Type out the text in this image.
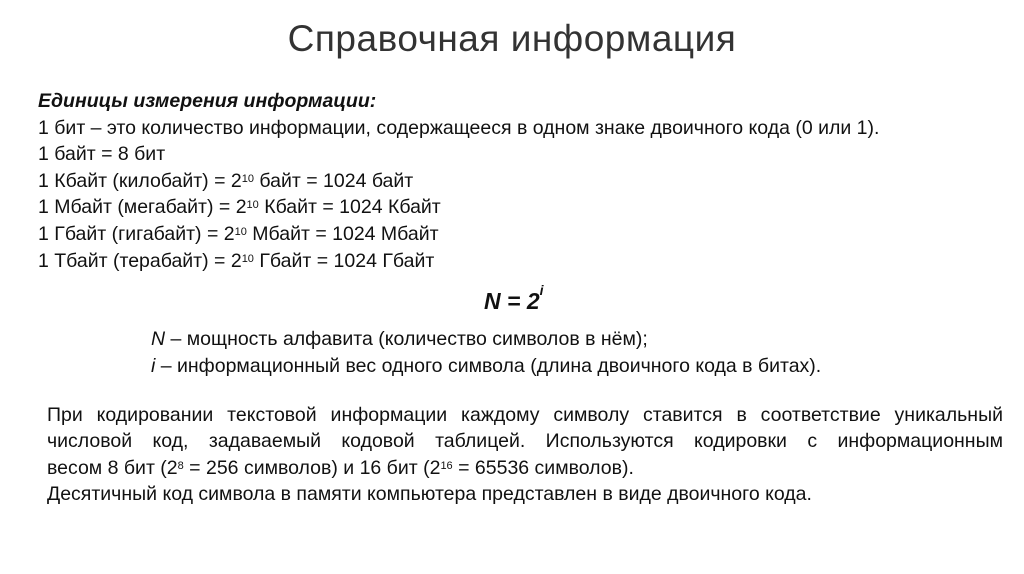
Справочная информация
Единицы измерения информации:
1 бит – это количество информации, содержащееся в одном знаке двоичного кода (0 или 1).
1 байт = 8 бит
1 Кбайт (килобайт) = $2^{10}$ байт = 1024 байт
1 Мбайт (мегабайт) = $2^{10}$ Кбайт = 1024 Кбайт
1 Гбайт (гигабайт) = $2^{10}$ Мбайт = 1024 Мбайт
1 Тбайт (терабайт) = $2^{10}$ Гбайт = 1024 Гбайт
$N = 2^i$
N – мощность алфавита (количество символов в нём);
i – информационный вес одного символа (длина двоичного кода в битах).
При кодировании текстовой информации каждому символу ставится в соответствие уникальный
числовой код, задаваемый кодовой таблицей. Используются кодировки с информационным
весом 8 бит ($2^8 = 256$ символов) и 16 бит ($2^{16} = 65536$ символов).
Десятичный код символа в памяти компьютера представлен в виде двоичного кода.
